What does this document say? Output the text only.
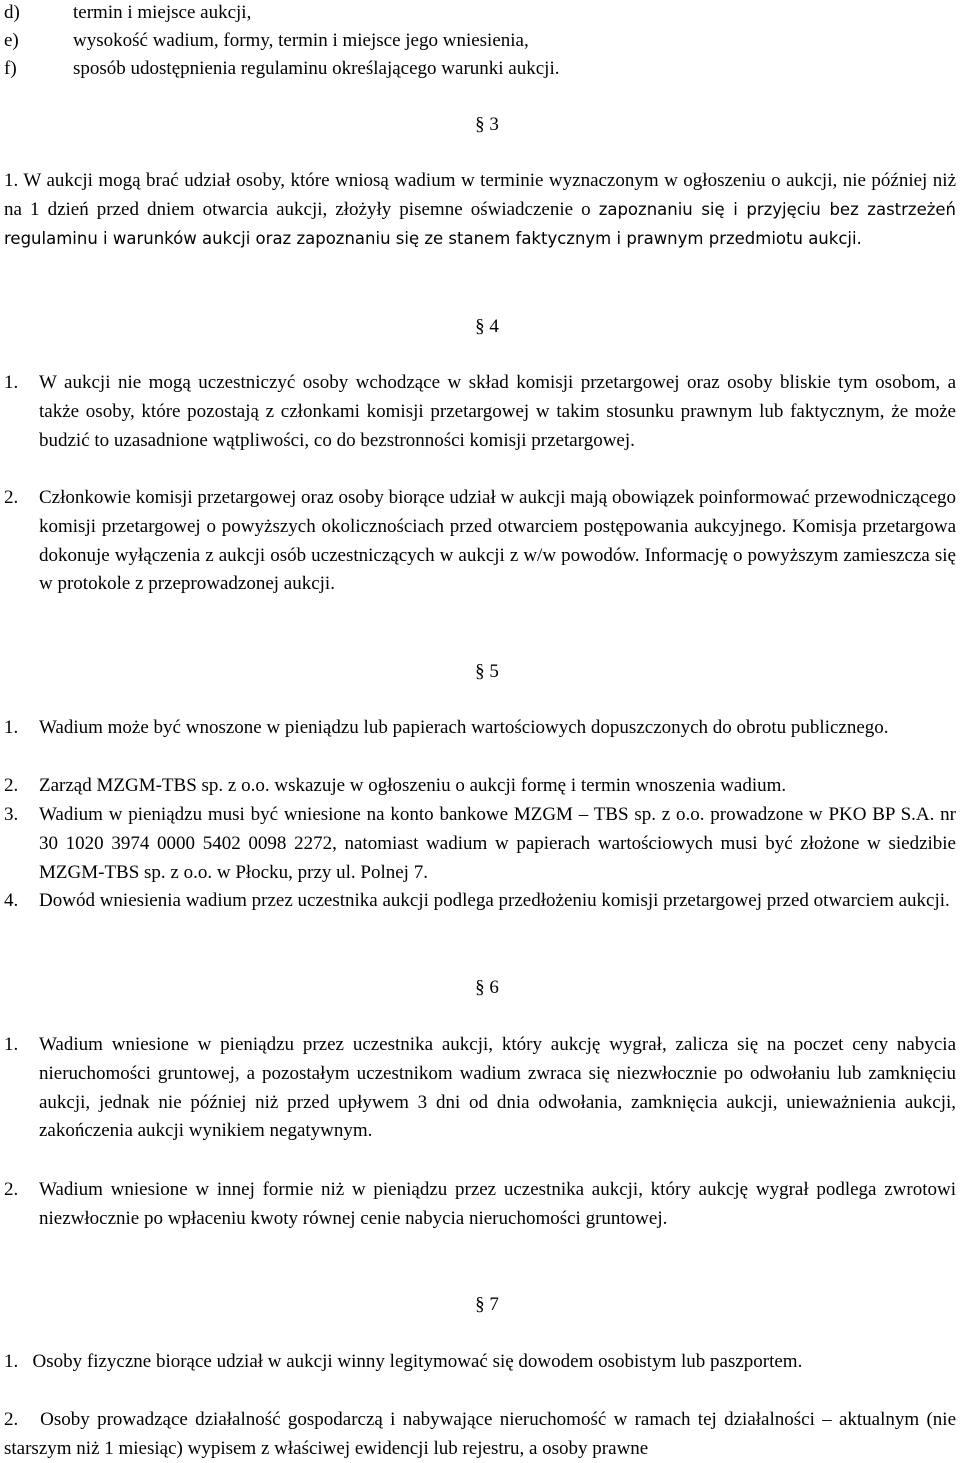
d)	termin i miejsce aukcji,
e)	wysokość wadium, formy, termin i miejsce jego wniesienia,
f)	sposób udostępnienia regulaminu określającego warunki aukcji.
§ 3

1. W aukcji mogą brać udział osoby, które wniosą wadium w terminie wyznaczonym w ogłoszeniu o aukcji, nie później niż na 1 dzień przed dniem otwarcia aukcji, złożyły pisemne oświadczenie o zapoznaniu się i przyjęciu bez zastrzeżeń regulaminu i warunków aukcji oraz zapoznaniu się ze stanem faktycznym i prawnym przedmiotu aukcji.

§ 4

1. W aukcji nie mogą uczestniczyć osoby wchodzące w skład komisji przetargowej oraz osoby bliskie tym osobom, a także osoby, które pozostają z członkami komisji przetargowej w takim stosunku prawnym lub faktycznym, że może budzić to uzasadnione wątpliwości, co do bezstronności komisji przetargowej.

2. Członkowie komisji przetargowej oraz osoby biorące udział w aukcji mają obowiązek poinformować przewodniczącego komisji przetargowej o powyższych okolicznościach przed otwarciem postępowania aukcyjnego. Komisja przetargowa dokonuje wyłączenia z aukcji osób uczestniczących w aukcji z w/w powodów. Informację o powyższym zamieszcza się w protokole z przeprowadzonej aukcji.

§ 5

1. Wadium może być wnoszone w pieniądzu lub papierach wartościowych dopuszczonych do obrotu publicznego.

2. Zarząd MZGM-TBS sp. z o.o. wskazuje w ogłoszeniu o aukcji formę i termin wnoszenia wadium.

3. Wadium w pieniądzu musi być wniesione na konto bankowe MZGM – TBS sp. z o.o. prowadzone w PKO BP S.A. nr 30 1020 3974 0000 5402 0098 2272, natomiast wadium w papierach wartościowych musi być złożone w siedzibie MZGM-TBS sp. z o.o. w Płocku, przy ul. Polnej 7.

4. Dowód wniesienia wadium przez uczestnika aukcji podlega przedłożeniu komisji przetargowej przed otwarciem aukcji.

§ 6

1. Wadium wniesione w pieniądzu przez uczestnika aukcji, który aukcję wygrał, zalicza się na poczet ceny nabycia nieruchomości gruntowej, a pozostałym uczestnikom wadium zwraca się niezwłocznie po odwołaniu lub zamknięciu aukcji, jednak nie później niż przed upływem 3 dni od dnia odwołania, zamknięcia aukcji, unieważnienia aukcji, zakończenia aukcji wynikiem negatywnym.

2. Wadium wniesione w innej formie niż w pieniądzu przez uczestnika aukcji, który aukcję wygrał podlega zwrotowi niezwłocznie po wpłaceniu kwoty równej cenie nabycia nieruchomości gruntowej.

§ 7

1. Osoby fizyczne biorące udział w aukcji winny legitymować się dowodem osobistym lub paszportem.

2. Osoby prowadzące działalność gospodarczą i nabywające nieruchomość w ramach tej działalności – aktualnym (nie starszym niż 1 miesiąc) wypisem z właściwej ewidencji lub rejestru, a osoby prawne
